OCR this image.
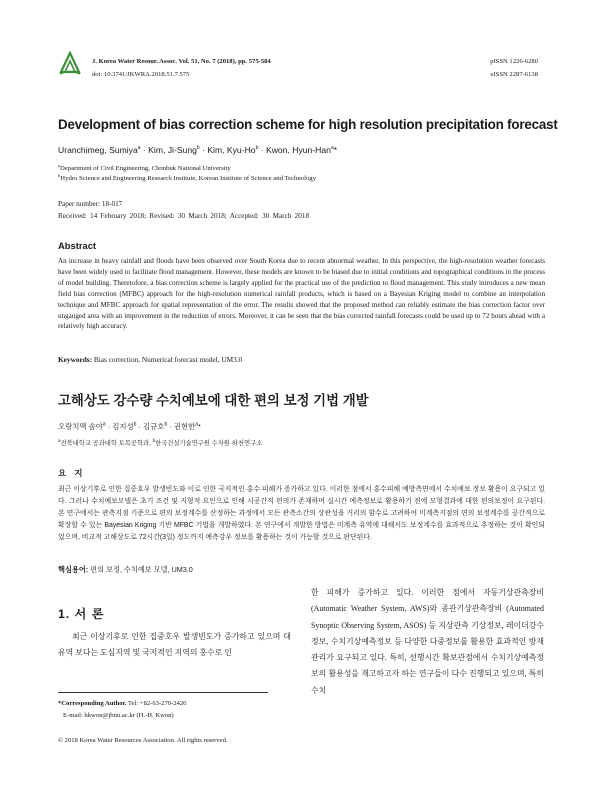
J. Korea Water Resour. Assoc. Vol. 51, No. 7 (2018), pp. 575-584
doi: 10.3741/JKWRA.2018.51.7.575
pISSN 1226-6280
eISSN 2287-6138
Development of bias correction scheme for high resolution precipitation forecast
Uranchimeg, Sumiya$^a$ · Kim, Ji-Sung$^b$ · Kim, Kyu-$Ho^b$ · Kwon, Hyun-Han$^a$*
$^a$Department of Civil Engineering, Chonbuk National University
$^b$Hydro Science and Engineering Research Institute, Korean Institute of Science and Technology
Paper number: 18-017
Received: 14 February 2018; Revised: 30 March 2018; Accepted: 30 March 2018
Abstract
An increase in heavy rainfall and floods have been observed over South Korea due to recent abnormal weather. In this perspective, the high-resolution weather forecasts have been widely used to facilitate flood management. However, these models are known to be biased due to initial conditions and topographical conditions in the process of model building. Theretofore, a bias correction scheme is largely applied for the practical use of the prediction to flood management. This study introduces a new mean field bias correction (MFBC) approach for the high-resolution numerical rainfall products, which is based on a Bayesian Kriging model to combine an interpolation technique and MFBC approach for spatial representation of the error. The results showed that the proposed method can reliably estimate the bias correction factor over ungauged area with an improvement in the reduction of errors. Moreover, it can be seen that the bias corrected rainfall forecasts could be used up to 72 hours ahead with a relatively high accuracy.
Keywords: Bias correction, Numerical forecast model, UM3.0
고해상도 강수량 수치예보에 대한 편의 보정 기법 개발
오랑치맥 솜야$^a$ · 김지성$^b$ · 김규호$^b$ · 권현한$^a$*
$^a$전북대학교 공과대학 토목공학과, $^b$한국건설기술연구원 수자원·하천연구소
요 지
최근 이상기후로 인한 집중호우 발생빈도와 이로 인한 국지적인 홍수 피해가 증가하고 있다. 이러한 점에서 홍수피해 예방측면에서 수치예보 정보 활용이 요구되고 있다. 그러나 수치예보모델은 초기 조건 및 지형적 요인으로 인해 시공간적 편의가 존재하며 실시간 예측정보로 활용하기 전에 모형결과에 대한 편의보정이 요구된다. 본 연구에서는 관측지점 기준으로 편의 보정계수를 산정하는 과정에서 모든 관측소간의 상관성을 거리의 함수로 고려하여 미계측지점의 편의 보정계수를 공간적으로 확장할 수 있는 Bayesian Kriging 기반 MFBC 기법을 개발하였다. 본 연구에서 개발한 방법은 미계측 유역에 대해서도 보정계수를 효과적으로 추정하는 것이 확인되었으며, 비교적 고해상도로 72시간(3일) 정도까지 예측강우 정보를 활용하는 것이 가능할 것으로 판단된다.
핵심용어: 편의 보정, 수치예보 모델, UM3.0
1. 서 론
최근 이상기후로 인한 집중호우 발생빈도가 증가하고 있으며 대유역 보다는 도심지역 및 국지적인 지역의 홍수로 인
한 피해가 증가하고 있다. 이러한 점에서 자동기상관측장비 (Automatic Weather System, AWS)와 종관기상관측장비 (Automated Synoptic Observing System, ASOS) 등 지상관측 기상정보, 레이더강수정보, 수치기상예측정보 등 다양한 다중정보를 활용한 효과적인 방재관리가 요구되고 있다. 특히, 선행시간 확보관점에서 수치기상예측정보의 활용성을 재고하고자 하는 연구들이 다수 진행되고 있으며, 특히 수치
*Corresponding Author. Tel: +82-63-270-2426
E-mail: hkwon@jbnu.ac.kr (H.-H. Kwon)
© 2018 Korea Water Resources Association. All rights reserved.
